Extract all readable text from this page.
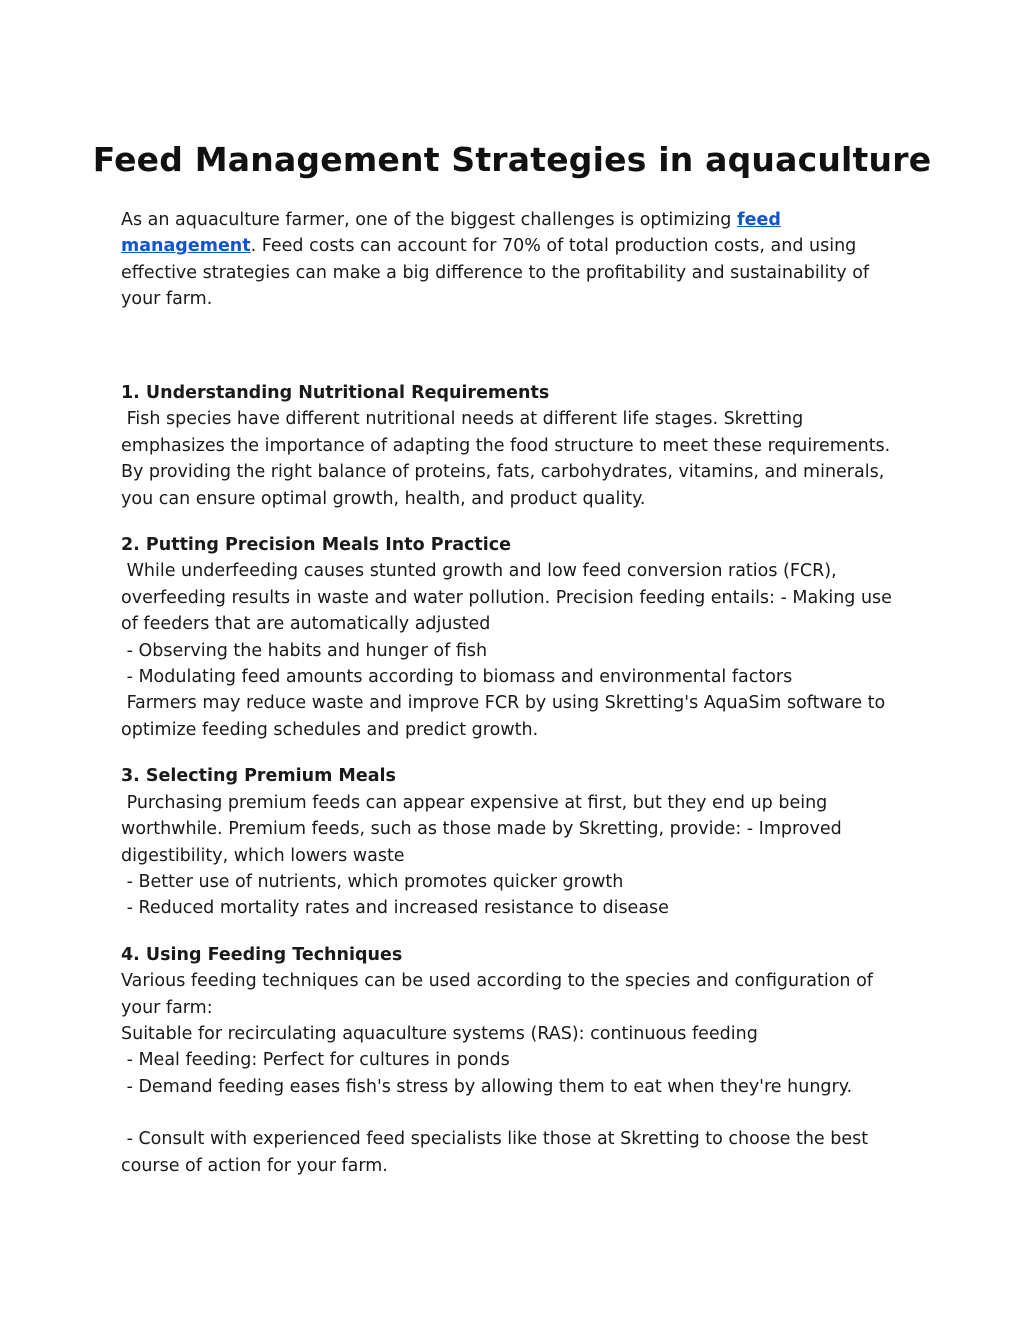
Feed Management Strategies in aquaculture

As an aquaculture farmer, one of the biggest challenges is optimizing feed management. Feed costs can account for 70% of total production costs, and using effective strategies can make a big difference to the profitability and sustainability of your farm.

1. Understanding Nutritional Requirements
Fish species have different nutritional needs at different life stages. Skretting emphasizes the importance of adapting the food structure to meet these requirements. By providing the right balance of proteins, fats, carbohydrates, vitamins, and minerals, you can ensure optimal growth, health, and product quality.
2. Putting Precision Meals Into Practice
While underfeeding causes stunted growth and low feed conversion ratios (FCR), overfeeding results in waste and water pollution. Precision feeding entails: - Making use of feeders that are automatically adjusted
- Observing the habits and hunger of fish
- Modulating feed amounts according to biomass and environmental factors
Farmers may reduce waste and improve FCR by using Skretting's AquaSim software to optimize feeding schedules and predict growth.
3. Selecting Premium Meals
Purchasing premium feeds can appear expensive at first, but they end up being worthwhile. Premium feeds, such as those made by Skretting, provide: - Improved digestibility, which lowers waste
- Better use of nutrients, which promotes quicker growth
- Reduced mortality rates and increased resistance to disease
4. Using Feeding Techniques
Various feeding techniques can be used according to the species and configuration of your farm:
Suitable for recirculating aquaculture systems (RAS): continuous feeding
- Meal feeding: Perfect for cultures in ponds
- Demand feeding eases fish's stress by allowing them to eat when they're hungry.
- Consult with experienced feed specialists like those at Skretting to choose the best course of action for your farm.
